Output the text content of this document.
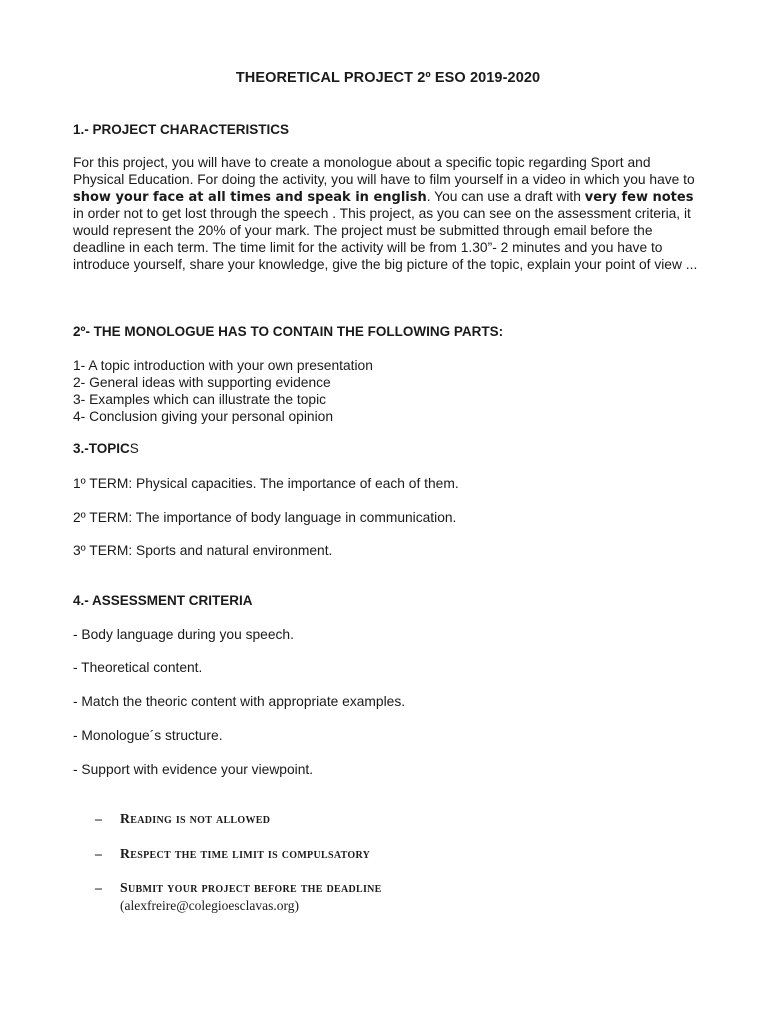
THEORETICAL PROJECT 2º ESO 2019-2020
1.- PROJECT CHARACTERISTICS

For this project, you will have to create a monologue about a specific topic regarding Sport and Physical Education. For doing the activity, you will have to film yourself in a video in which you have to show your face at all times and speak in english. You can use a draft with very few notes in order not to get lost through the speech . This project, as you can see on the assessment criteria, it would represent the 20% of your mark. The project must be submitted through email before the deadline in each term. The time limit for the activity will be from 1.30”- 2 minutes and you have to introduce yourself, share your knowledge, give the big picture of the topic, explain your point of view ...

2º- THE MONOLOGUE HAS TO CONTAIN THE FOLLOWING PARTS:
1- A topic introduction with your own presentation
2- General ideas with supporting evidence
3- Examples which can illustrate the topic
4- Conclusion giving your personal opinion
3.-TOPICS
1º TERM: Physical capacities. The importance of each of them.
2º TERM: The importance of body language in communication.
3º TERM: Sports and natural environment.
4.- ASSESSMENT CRITERIA
- Body language during you speech.
- Theoretical content.
- Match the theoric content with appropriate examples.
- Monologue´s structure.
- Support with evidence your viewpoint.
– Reading is not allowed
– Respect the time limit is compulsatory
– Submit your project before the deadline
(alexfreire@colegioesclavas.org)
